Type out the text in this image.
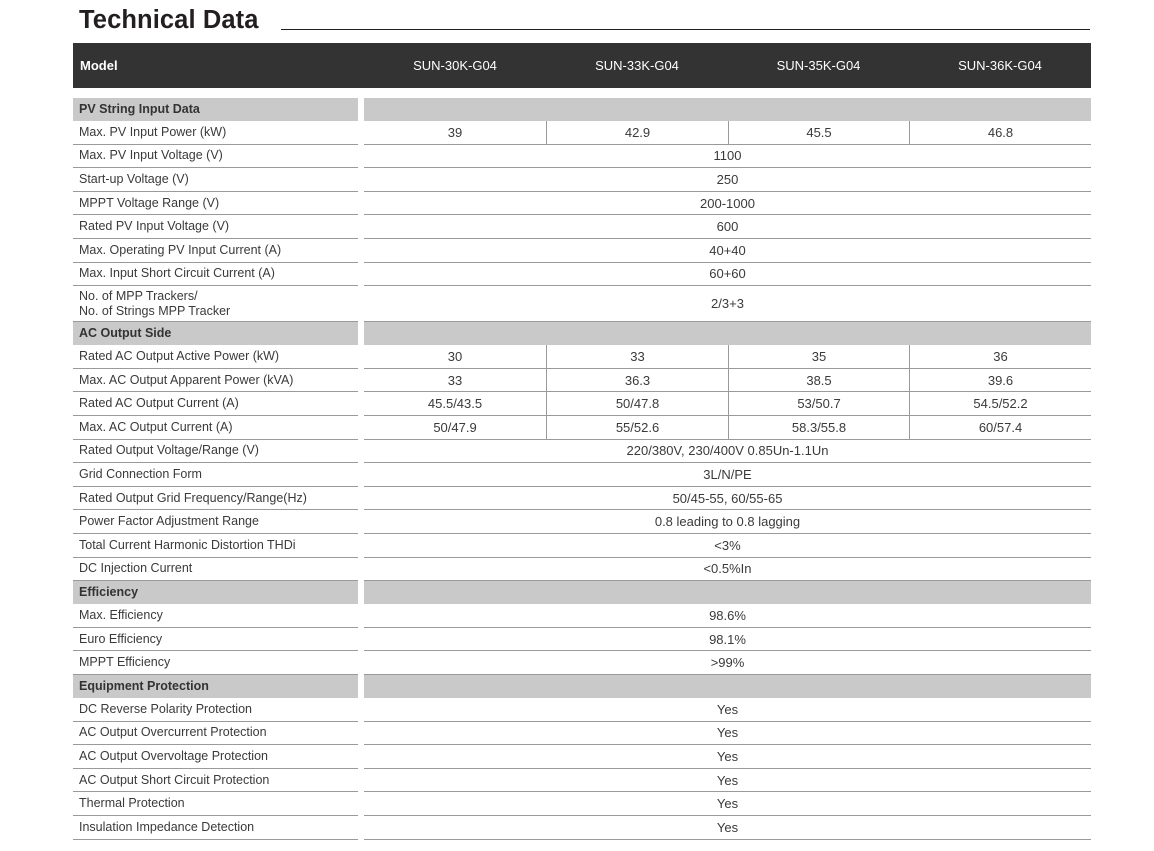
Technical Data
Model	SUN-30K-G04	SUN-33K-G04	SUN-35K-G04	SUN-36K-G04
PV String Input Data
Max. PV Input Power (kW)	39	42.9	45.5	46.8
Max. PV Input Voltage (V)	1100
Start-up Voltage (V)	250
MPPT Voltage Range (V)	200-1000
Rated PV Input Voltage (V)	600
Max. Operating PV Input Current (A)	40+40
Max. Input Short Circuit Current (A)	60+60
No. of MPP Trackers/
No. of Strings MPP Tracker	2/3+3
AC Output Side
Rated AC Output Active Power (kW)	30	33	35	36
Max. AC Output Apparent Power (kVA)	33	36.3	38.5	39.6
Rated AC Output Current (A)	45.5/43.5	50/47.8	53/50.7	54.5/52.2
Max. AC Output Current (A)	50/47.9	55/52.6	58.3/55.8	60/57.4
Rated Output Voltage/Range (V)	220/380V, 230/400V 0.85Un-1.1Un
Grid Connection Form	3L/N/PE
Rated Output Grid Frequency/Range(Hz)	50/45-55, 60/55-65
Power Factor Adjustment Range	0.8 leading to 0.8 lagging
Total Current Harmonic Distortion THDi	<3%
DC Injection Current	<0.5%In
Efficiency
Max. Efficiency	98.6%
Euro Efficiency	98.1%
MPPT Efficiency	>99%
Equipment Protection
DC Reverse Polarity Protection	Yes
AC Output Overcurrent Protection	Yes
AC Output Overvoltage Protection	Yes
AC Output Short Circuit Protection	Yes
Thermal Protection	Yes
Insulation Impedance Detection	Yes
